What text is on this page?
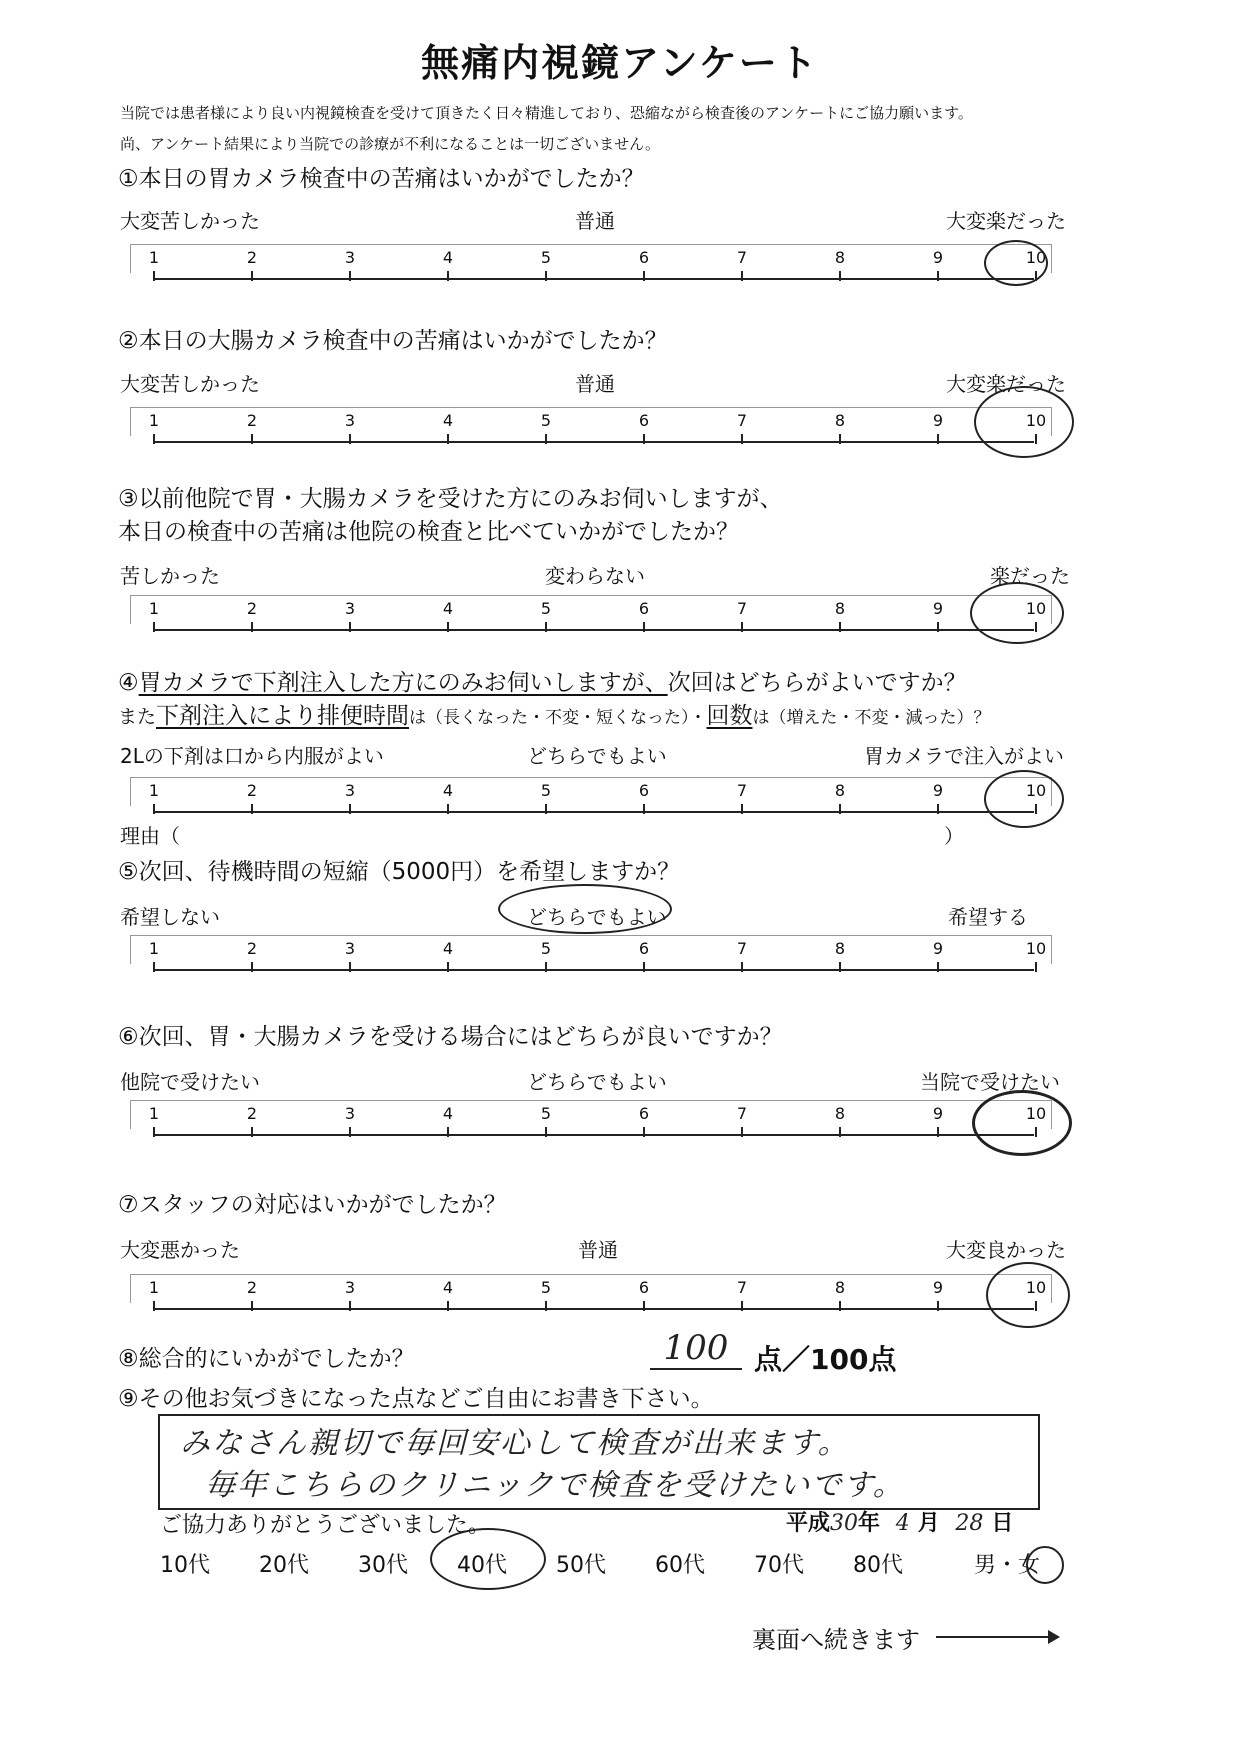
無痛内視鏡アンケート
当院では患者様により良い内視鏡検査を受けて頂きたく日々精進しており、恐縮ながら検査後のアンケートにご協力願います。
尚、アンケート結果により当院での診療が不利になることは一切ございません。
①本日の胃カメラ検査中の苦痛はいかがでしたか？
大変苦しかった	普通	大変楽だった
1	2	3	4	5	6	7	8	9	10
②本日の大腸カメラ検査中の苦痛はいかがでしたか？
大変苦しかった	普通	大変楽だった
1	2	3	4	5	6	7	8	9	10
③以前他院で胃・大腸カメラを受けた方にのみお伺いしますが、
本日の検査中の苦痛は他院の検査と比べていかがでしたか？
苦しかった	変わらない	楽だった
1	2	3	4	5	6	7	8	9	10
④胃カメラで下剤注入した方にのみお伺いしますが、次回はどちらがよいですか？
また下剤注入により排便時間は（長くなった・不変・短くなった）・回数は（増えた・不変・減った）？
2Lの下剤は口から内服がよい	どちらでもよい	胃カメラで注入がよい
1	2	3	4	5	6	7	8	9	10
理由（	）
⑤次回、待機時間の短縮（5000円）を希望しますか？
希望しない	どちらでもよい	希望する
1	2	3	4	5	6	7	8	9	10
⑥次回、胃・大腸カメラを受ける場合にはどちらが良いですか？
他院で受けたい	どちらでもよい	当院で受けたい
1	2	3	4	5	6	7	8	9	10
⑦スタッフの対応はいかがでしたか？
大変悪かった	普通	大変良かった
1	2	3	4	5	6	7	8	9	10
⑧総合的にいかがでしたか？	100 点／100点
⑨その他お気づきになった点などご自由にお書き下さい。
みなさん親切で毎回安心して検査が出来ます。
毎年こちらのクリニックで検査を受けたいです。
ご協力ありがとうございました。	平成30年 4 月 28 日
10代 20代 30代 40代 50代 60代 70代 80代	男・女
裏面へ続きます
